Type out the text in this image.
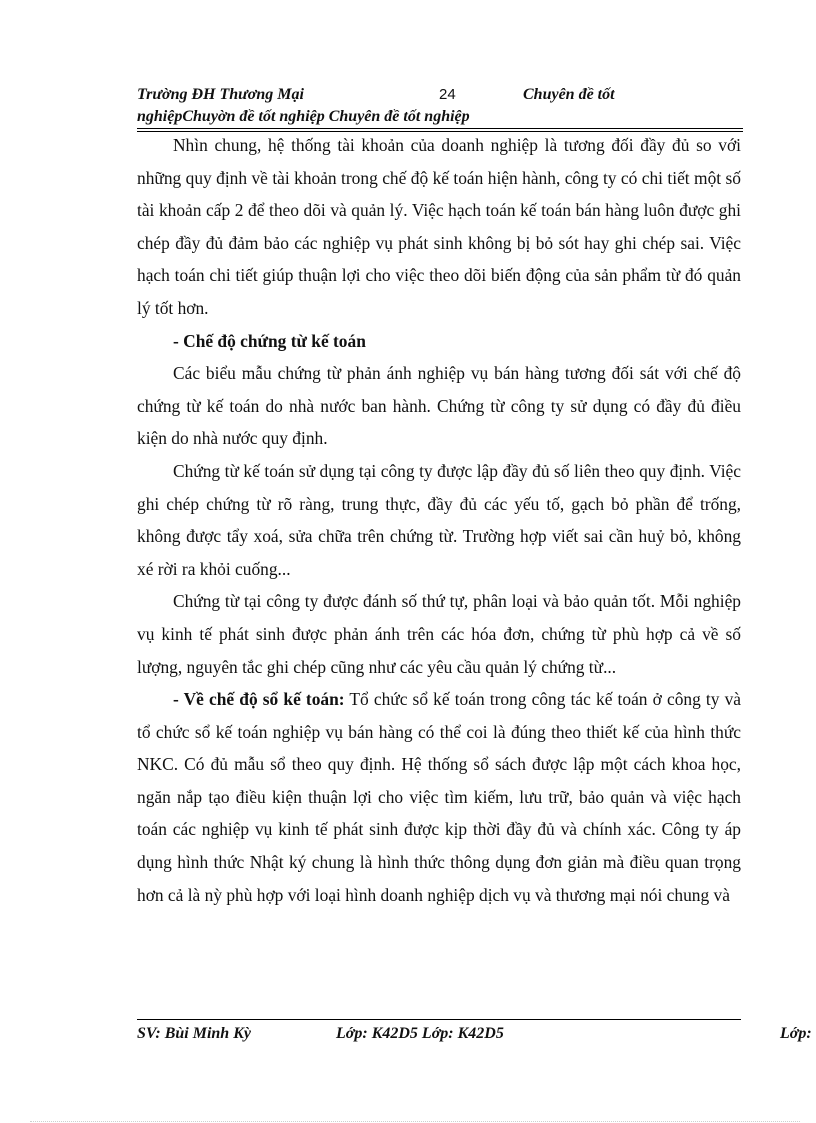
Trường ĐH Thương Mại	24	Chuyên đề tốt
nghiệpChuyờn đề tốt nghiệp Chuyên đề tốt nghiệp

Nhìn chung, hệ thống tài khoản của doanh nghiệp là tương đối đầy đủ so với những quy định về tài khoản trong chế độ kế toán hiện hành, công ty có chi tiết một số tài khoản cấp 2 để theo dõi và quản lý. Việc hạch toán kế toán bán hàng luôn được ghi chép đầy đủ đảm bảo các nghiệp vụ phát sinh không bị bỏ sót hay ghi chép sai. Việc hạch toán chi tiết giúp thuận lợi cho việc theo dõi biến động của sản phẩm từ đó quản lý tốt hơn.

- Chế độ chứng từ kế toán

Các biểu mẫu chứng từ phản ánh nghiệp vụ bán hàng tương đối sát với chế độ chứng từ kế toán do nhà nước ban hành. Chứng từ công ty sử dụng có đầy đủ điều kiện do nhà nước quy định.

Chứng từ kế toán sử dụng tại công ty được lập đầy đủ số liên theo quy định. Việc ghi chép chứng từ rõ ràng, trung thực, đầy đủ các yếu tố, gạch bỏ phần để trống, không được tẩy xoá, sửa chữa trên chứng từ. Trường hợp viết sai cần huỷ bỏ, không xé rời ra khỏi cuống...

Chứng từ tại công ty được đánh số thứ tự, phân loại và bảo quản tốt. Mỗi nghiệp vụ kinh tế phát sinh được phản ánh trên các hóa đơn, chứng từ phù hợp cả về số lượng, nguyên tắc ghi chép cũng như các yêu cầu quản lý chứng từ...

- Về chế độ sổ kế toán: Tổ chức sổ kế toán trong công tác kế toán ở công ty và tổ chức sổ kế toán nghiệp vụ bán hàng có thể coi là đúng theo thiết kế của hình thức NKC. Có đủ mẫu sổ theo quy định. Hệ thống sổ sách được lập một cách khoa học, ngăn nắp tạo điều kiện thuận lợi cho việc tìm kiếm, lưu trữ, bảo quản và việc hạch toán các nghiệp vụ kinh tế phát sinh được kịp thời đầy đủ và chính xác. Công ty áp dụng hình thức Nhật ký chung là hình thức thông dụng đơn giản mà điều quan trọng hơn cả là nỳ phù hợp với loại hình doanh nghiệp dịch vụ và thương mại nói chung và

SV: Bùi Minh Kỳ	Lớp: K42D5 Lớp: K42D5	Lớp:
